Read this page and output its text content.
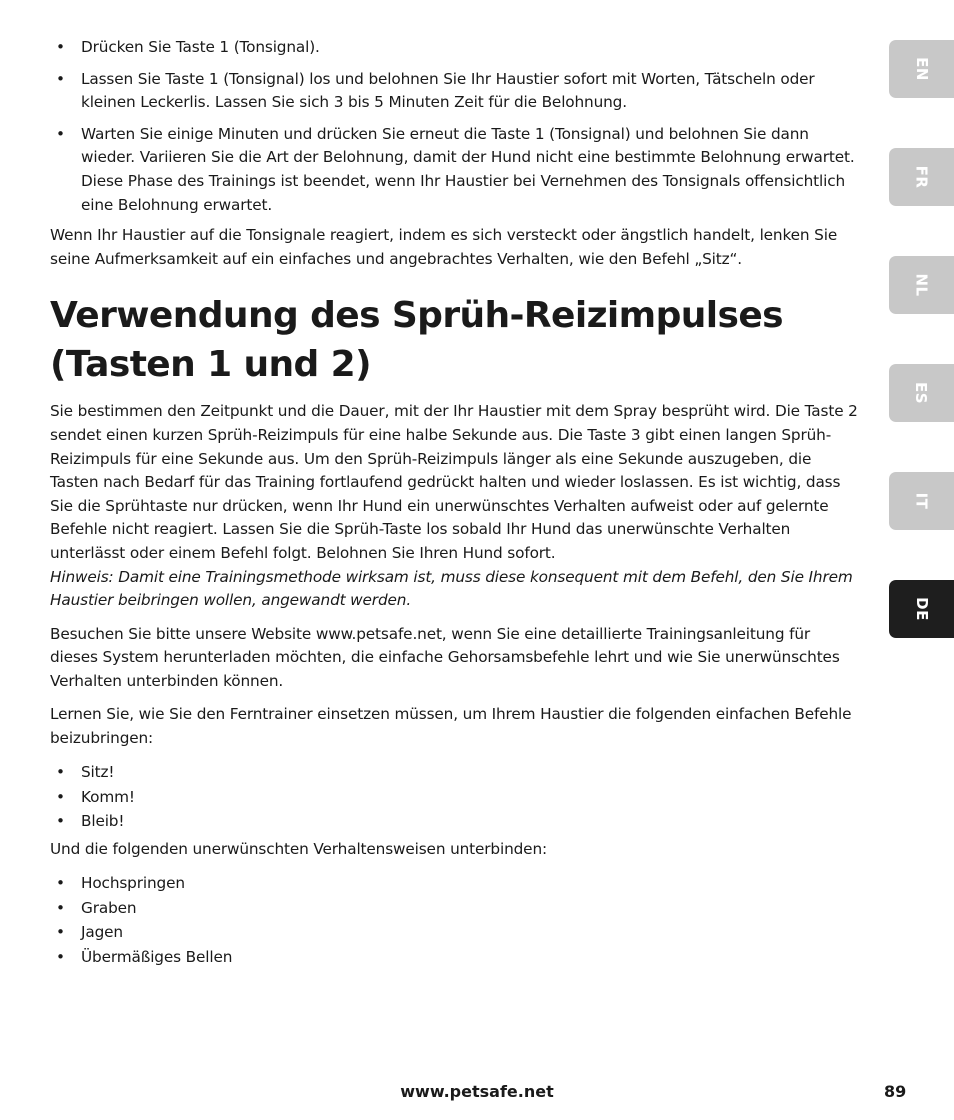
• Drücken Sie Taste 1 (Tonsignal).
• Lassen Sie Taste 1 (Tonsignal) los und belohnen Sie Ihr Haustier sofort mit Worten, Tätscheln oder kleinen Leckerlis. Lassen Sie sich 3 bis 5 Minuten Zeit für die Belohnung.
• Warten Sie einige Minuten und drücken Sie erneut die Taste 1 (Tonsignal) und belohnen Sie dann wieder. Variieren Sie die Art der Belohnung, damit der Hund nicht eine bestimmte Belohnung erwartet. Diese Phase des Trainings ist beendet, wenn Ihr Haustier bei Vernehmen des Tonsignals offensichtlich eine Belohnung erwartet.

Wenn Ihr Haustier auf die Tonsignale reagiert, indem es sich versteckt oder ängstlich handelt, lenken Sie seine Aufmerksamkeit auf ein einfaches und angebrachtes Verhalten, wie den Befehl „Sitz“.

Verwendung des Sprüh-Reizimpulses
(Tasten 1 und 2)

Sie bestimmen den Zeitpunkt und die Dauer, mit der Ihr Haustier mit dem Spray besprüht wird. Die Taste 2 sendet einen kurzen Sprüh-Reizimpuls für eine halbe Sekunde aus. Die Taste 3 gibt einen langen Sprüh-Reizimpuls für eine Sekunde aus. Um den Sprüh-Reizimpuls länger als eine Sekunde auszugeben, die Tasten nach Bedarf für das Training fortlaufend gedrückt halten und wieder loslassen. Es ist wichtig, dass Sie die Sprühtaste nur drücken, wenn Ihr Hund ein unerwünschtes Verhalten aufweist oder auf gelernte Befehle nicht reagiert. Lassen Sie die Sprüh-Taste los sobald Ihr Hund das unerwünschte Verhalten unterlässt oder einem Befehl folgt. Belohnen Sie Ihren Hund sofort.

Hinweis: Damit eine Trainingsmethode wirksam ist, muss diese konsequent mit dem Befehl, den Sie Ihrem Haustier beibringen wollen, angewandt werden.

Besuchen Sie bitte unsere Website www.petsafe.net, wenn Sie eine detaillierte Trainingsanleitung für dieses System herunterladen möchten, die einfache Gehorsamsbefehle lehrt und wie Sie unerwünschtes Verhalten unterbinden können.

Lernen Sie, wie Sie den Ferntrainer einsetzen müssen, um Ihrem Haustier die folgenden einfachen Befehle beizubringen:

• Sitz!
• Komm!
• Bleib!

Und die folgenden unerwünschten Verhaltensweisen unterbinden:

• Hochspringen
• Graben
• Jagen
• Übermäßiges Bellen
EN
FR
NL
ES
IT
DE
www.petsafe.net	89
